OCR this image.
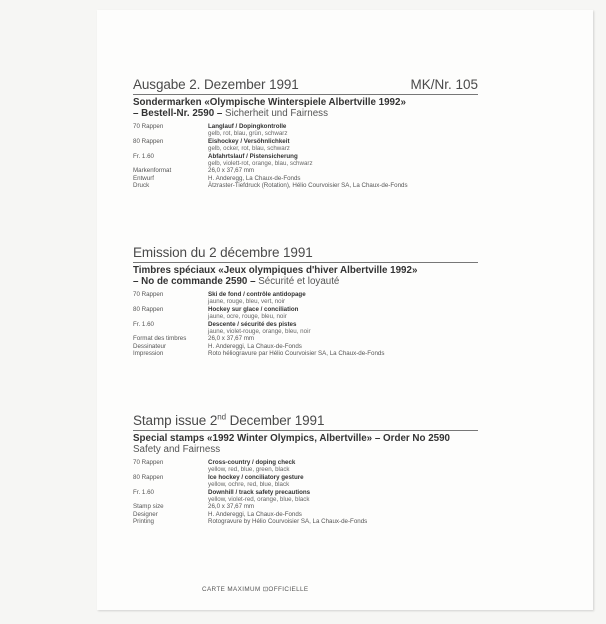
Ausgabe 2. Dezember 1991	MK/Nr. 105
Sondermarken «Olympische Winterspiele Albertville 1992»
– Bestell-Nr. 2590 – Sicherheit und Fairness
70 Rappen	Langlauf / Dopingkontrolle
gelb, rot, blau, grün, schwarz
80 Rappen	Eishockey / Versöhnlichkeit
gelb, ocker, rot, blau, schwarz
Fr. 1.60	Abfahrtslauf / Pistensicherung
gelb, violett-rot, orange, blau, schwarz
Markenformat	26,0 x 37,67 mm
Entwurf	H. Anderegg, La Chaux-de-Fonds
Druck	Ätzraster-Tiefdruck (Rotation), Hélio Courvoisier SA, La Chaux-de-Fonds
Emission du 2 décembre 1991
Timbres spéciaux «Jeux olympiques d'hiver Albertville 1992»
– No de commande 2590 – Sécurité et loyauté
70 Rappen	Ski de fond / contrôle antidopage
jaune, rouge, bleu, vert, noir
80 Rappen	Hockey sur glace / conciliation
jaune, ocre, rouge, bleu, noir
Fr. 1.60	Descente / sécurité des pistes
jaune, violet-rouge, orange, bleu, noir
Format des timbres	26,0 x 37,67 mm
Dessinateur	H. Andereggi, La Chaux-de-Fonds
Impression	Roto héliogravure par Hélio Courvoisier SA, La Chaux-de-Fonds
Stamp issue 2nd December 1991
Special stamps «1992 Winter Olympics, Albertville» – Order No 2590
Safety and Fairness
70 Rappen	Cross-country / doping check
yellow, red, blue, green, black
80 Rappen	Ice hockey / conciliatory gesture
yellow, ochre, red, blue, black
Fr. 1.60	Downhill / track safety precautions
yellow, violet-red, orange, blue, black
Stamp size	26,0 x 37,67 mm
Designer	H. Andereggi, La Chaux-de-Fonds
Printing	Rotogravure by Hélio Courvoisier SA, La Chaux-de-Fonds
CARTE MAXIMUM ⊡OFFICIELLE
